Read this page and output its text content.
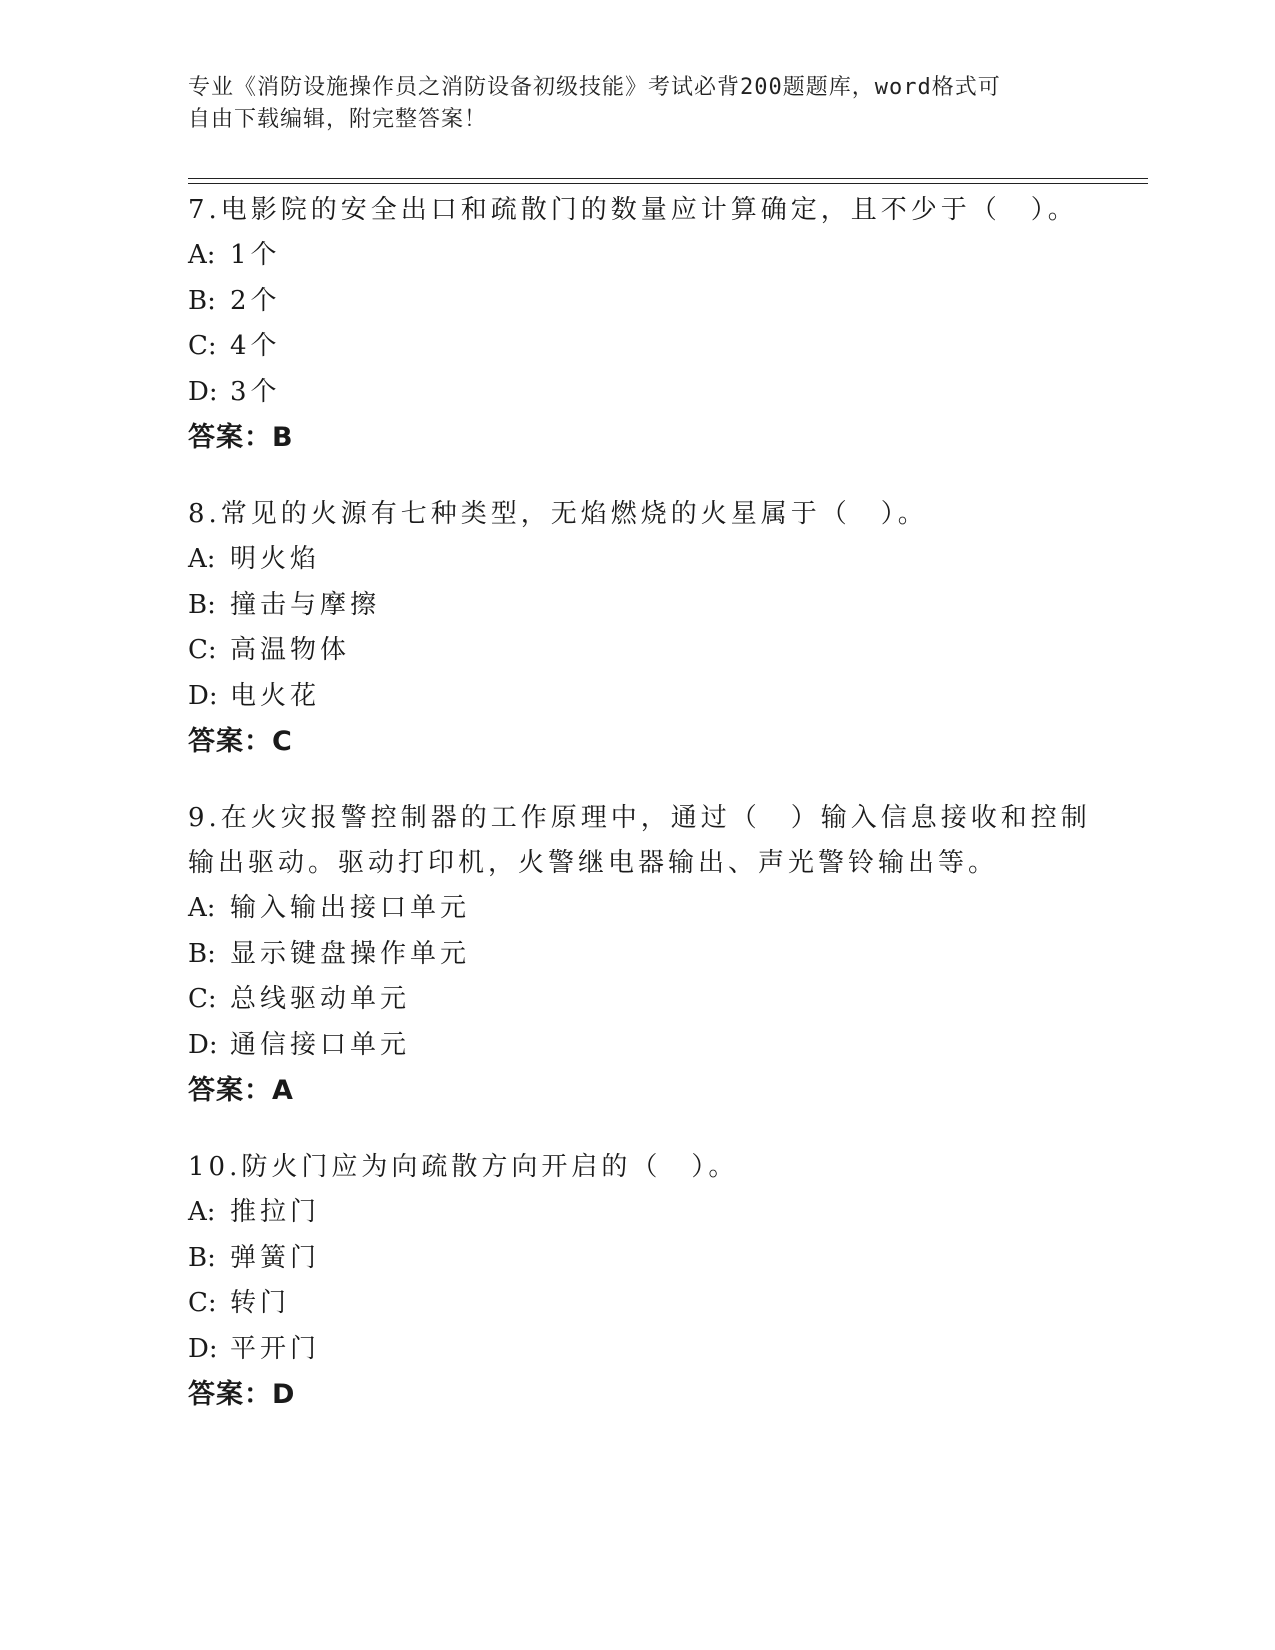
专业《消防设施操作员之消防设备初级技能》考试必背200题题库，word格式可
自由下载编辑，附完整答案！
7.电影院的安全出口和疏散门的数量应计算确定，且不少于（　）。
A: 1个
B: 2个
C: 4个
D: 3个
答案：B
8.常见的火源有七种类型，无焰燃烧的火星属于（　）。
A: 明火焰
B: 撞击与摩擦
C: 高温物体
D: 电火花
答案：C
9.在火灾报警控制器的工作原理中，通过（　）输入信息接收和控制
输出驱动。驱动打印机，火警继电器输出、声光警铃输出等。
A: 输入输出接口单元
B: 显示键盘操作单元
C: 总线驱动单元
D: 通信接口单元
答案：A
10.防火门应为向疏散方向开启的（　）。
A: 推拉门
B: 弹簧门
C: 转门
D: 平开门
答案：D
